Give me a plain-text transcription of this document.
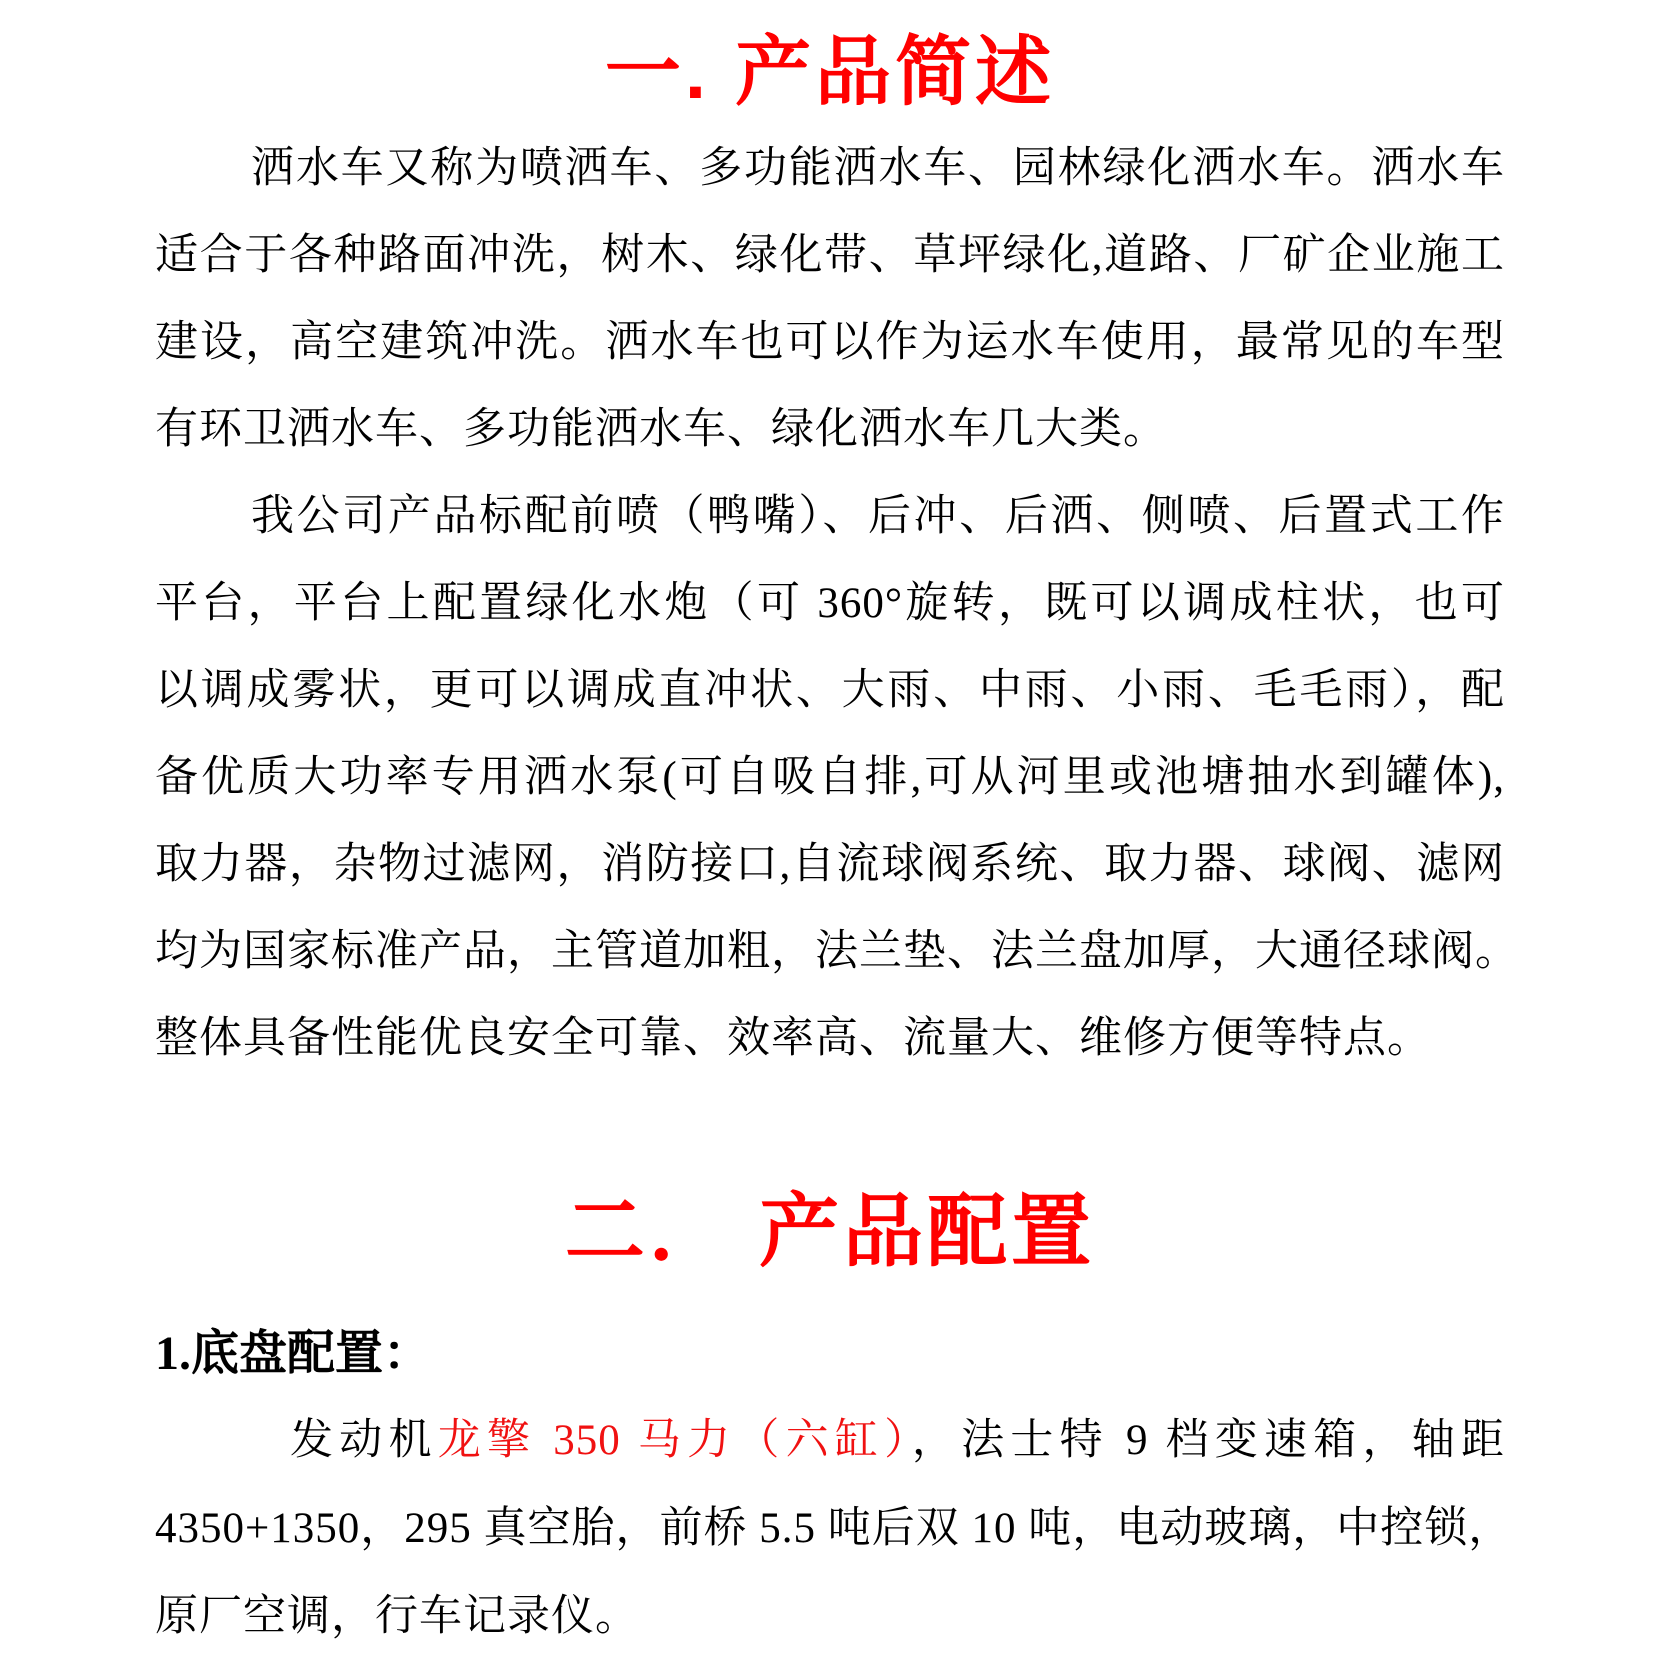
一. 产品简述
洒水车又称为喷洒车、多功能洒水车、园林绿化洒水车。洒水车
适合于各种路面冲洗，树木、绿化带、草坪绿化,道路、厂矿企业施工
建设，高空建筑冲洗。洒水车也可以作为运水车使用，最常见的车型
有环卫洒水车、多功能洒水车、绿化洒水车几大类。
我公司产品标配前喷（鸭嘴）、后冲、后洒、侧喷、后置式工作
平台，平台上配置绿化水炮（可 360°旋转，既可以调成柱状，也可
以调成雾状，更可以调成直冲状、大雨、中雨、小雨、毛毛雨），配
备优质大功率专用洒水泵(可自吸自排,可从河里或池塘抽水到罐体),
取力器，杂物过滤网，消防接口,自流球阀系统、取力器、球阀、滤网
均为国家标准产品，主管道加粗，法兰垫、法兰盘加厚，大通径球阀。
整体具备性能优良安全可靠、效率高、流量大、维修方便等特点。
二． 产品配置
1.底盘配置：
发动机龙擎 350 马力（六缸），法士特 9 档变速箱，轴距
4350+1350，295 真空胎，前桥 5.5 吨后双 10 吨，电动玻璃，中控锁，
原厂空调，行车记录仪。
